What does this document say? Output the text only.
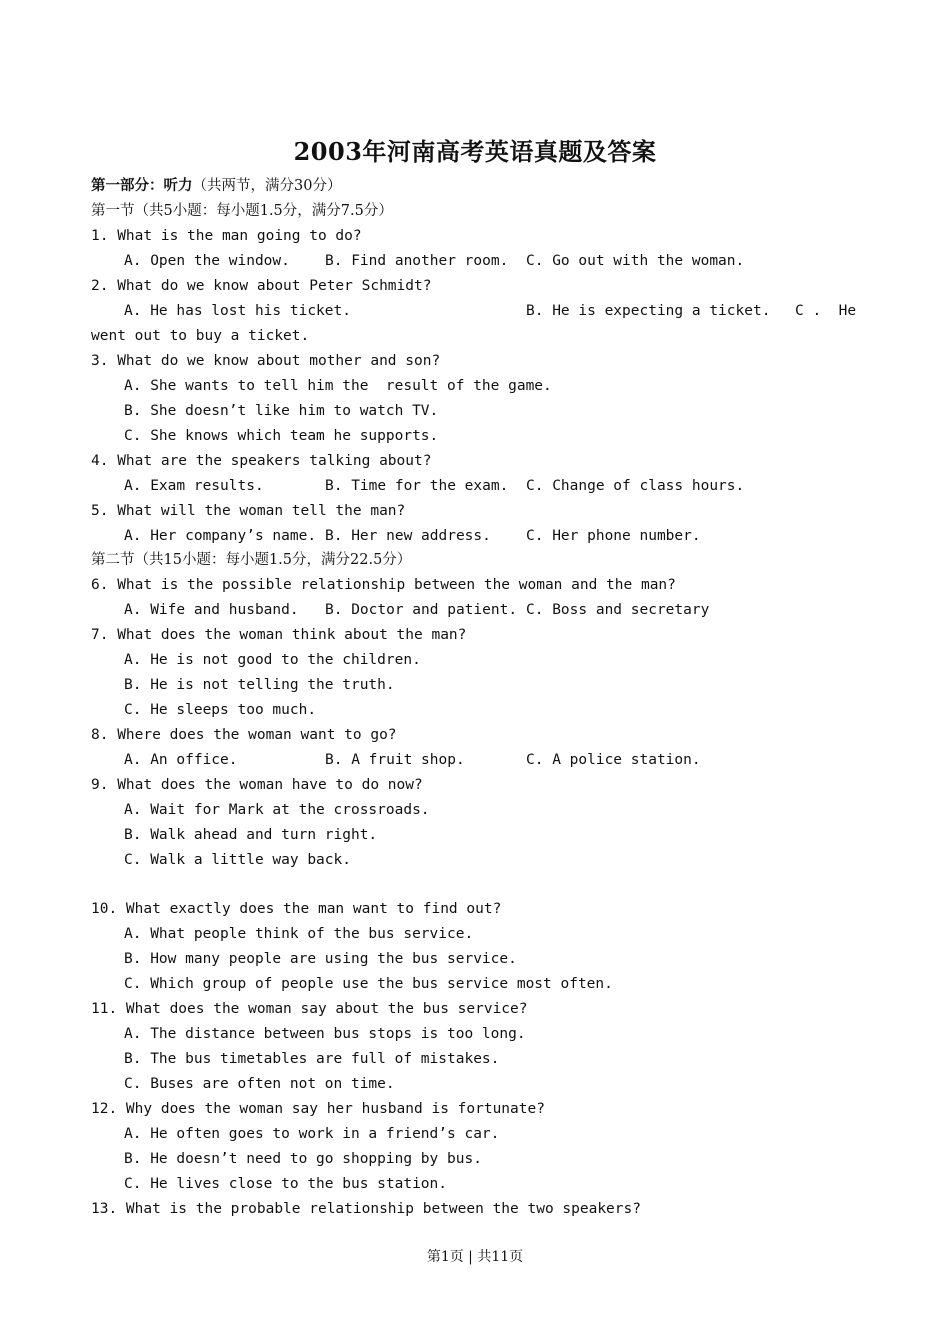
2003年河南高考英语真题及答案
第一部分：听力（共两节，满分30分）
第一节（共5小题：每小题1.5分，满分7.5分）
1. What is the man going to do?
A. Open the window. B. Find another room. C. Go out with the woman.
2. What do we know about Peter Schmidt?
A. He has lost his ticket.	B. He is expecting a ticket. C .  He
went out to buy a ticket.
3. What do we know about mother and son?
A. She wants to tell him the  result of the game.
B. She doesn’t like him to watch TV.
C. She knows which team he supports.
4. What are the speakers talking about?
A. Exam results.	B. Time for the exam. C. Change of class hours.
5. What will the woman tell the man?
A. Her company’s name. B. Her new address. C. Her phone number.
第二节（共15小题：每小题1.5分，满分22.5分）
6. What is the possible relationship between the woman and the man?
A. Wife and husband. B. Doctor and patient. C. Boss and secretary
7. What does the woman think about the man?
A. He is not good to the children.
B. He is not telling the truth.
C. He sleeps too much.
8. Where does the woman want to go?
A. An office.	B. A fruit shop.	C. A police station.
9. What does the woman have to do now?
A. Wait for Mark at the crossroads.
B. Walk ahead and turn right.
C. Walk a little way back.
10. What exactly does the man want to find out?
A. What people think of the bus service.
B. How many people are using the bus service.
C. Which group of people use the bus service most often.
11. What does the woman say about the bus service?
A. The distance between bus stops is too long.
B. The bus timetables are full of mistakes.
C. Buses are often not on time.
12. Why does the woman say her husband is fortunate?
A. He often goes to work in a friend’s car.
B. He doesn’t need to go shopping by bus.
C. He lives close to the bus station.
13. What is the probable relationship between the two speakers?
第1页 | 共11页
